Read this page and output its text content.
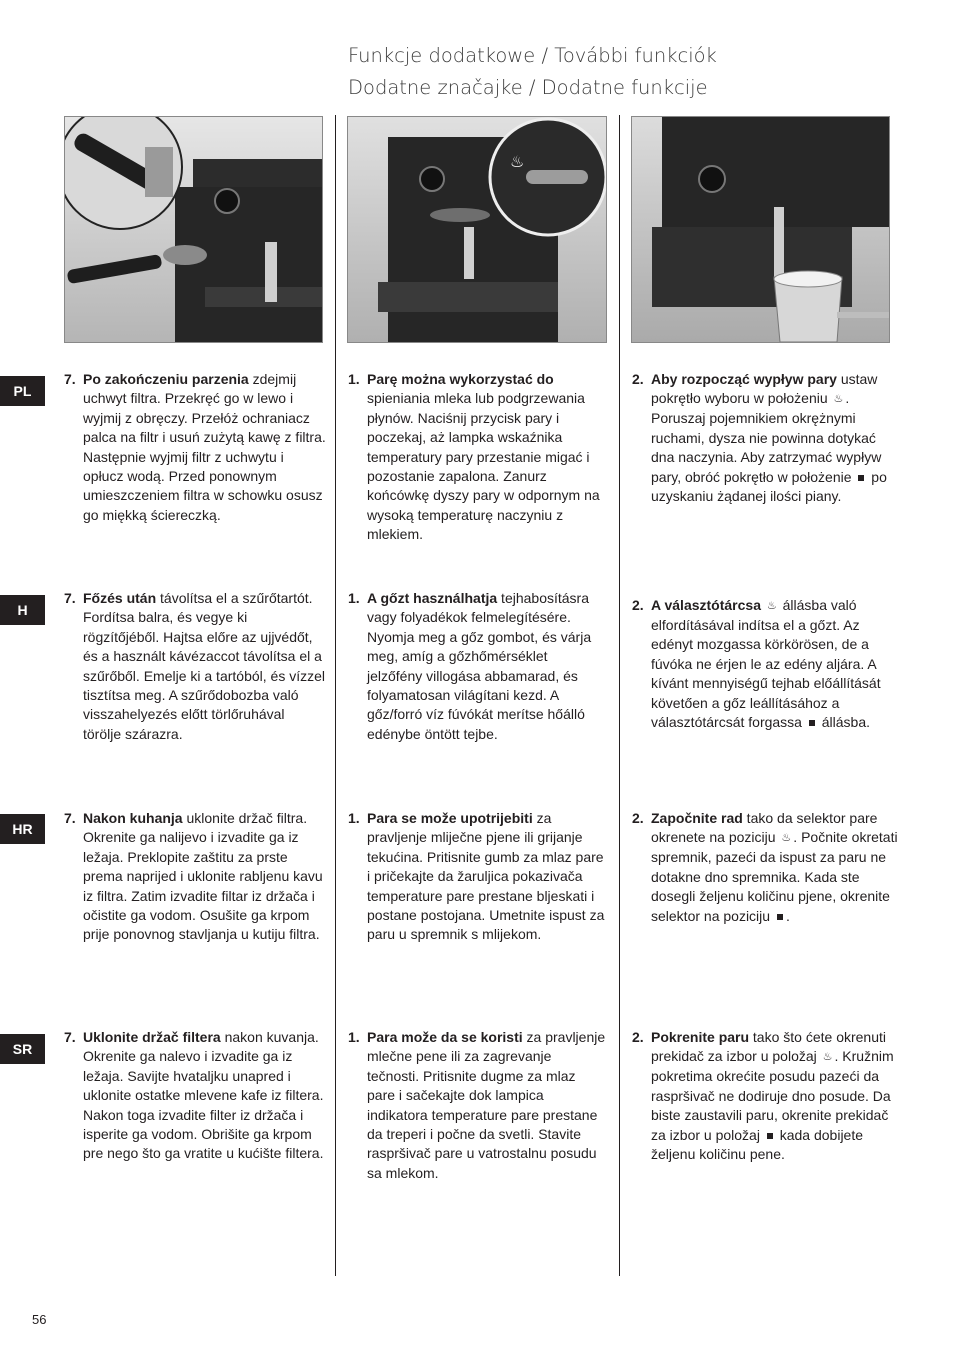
Funkcje dodatkowe / További funkciók
Dodatne značajke / Dodatne funkcije
♨
PL
H
HR
SR
7. Po zakończeniu parzenia zdejmij uchwyt filtra. Przekręć go w lewo i wyjmij z obręczy. Przełóż ochraniacz palca na filtr i usuń zużytą kawę z filtra. Następnie wyjmij filtr z uchwytu i opłucz wodą. Przed ponownym umieszczeniem filtra w schowku osusz go miękką ściereczką.
1. Parę można wykorzystać do spieniania mleka lub podgrzewania płynów. Naciśnij przycisk pary i poczekaj, aż lampka wskaźnika temperatury pary przestanie migać i pozostanie zapalona. Zanurz końcówkę dyszy pary w odpornym na wysoką temperaturę naczyniu z mlekiem.
2. Aby rozpocząć wypływ pary ustaw pokrętło wyboru w położeniu ♨ . Poruszaj pojemnikiem okrężnymi ruchami, dysza nie powinna dotykać dna naczynia. Aby zatrzymać wypływ pary, obróć pokrętło w położenie  po uzyskaniu żądanej ilości piany.
7. Főzés után távolítsa el a szűrőtartót. Fordítsa balra, és vegye ki rögzítőjéből. Hajtsa előre az ujjvédőt, és a használt kávézaccot távolítsa el a szűrőből. Emelje ki a tartóból, és vízzel tisztítsa meg. A szűrődobozba való visszahelyezés előtt törlőruhával törölje szárazra.
1. A gőzt használhatja tejhabosításra vagy folyadékok felmelegítésére. Nyomja meg a gőz gombot, és várja meg, amíg a gőzhőmérséklet jelzőfény villogása abbamarad, és folyamatosan világítani kezd. A gőz/forró víz fúvókát merítse hőálló edénybe öntött tejbe.
2. A választótárcsa ♨ állásba való elfordításával indítsa el a gőzt. Az edényt mozgassa körkörösen, de a fúvóka ne érjen le az edény aljára. A kívánt mennyiségű tejhab előállítását követően a gőz leállításához a választótárcsát forgassa  állásba.
7. Nakon kuhanja uklonite držač filtra. Okrenite ga nalijevo i izvadite ga iz ležaja. Preklopite zaštitu za prste prema naprijed i uklonite rabljenu kavu iz filtra. Zatim izvadite filtar iz držača i očistite ga vodom. Osušite ga krpom prije ponovnog stavljanja u kutiju filtra.
1. Para se može upotrijebiti za pravljenje mliječne pjene ili grijanje tekućina. Pritisnite gumb za mlaz pare i pričekajte da žaruljica pokazivača temperature pare prestane bljeskati i postane postojana. Umetnite ispust za paru u spremnik s mlijekom.
2. Započnite rad tako da selektor pare okrenete na poziciju ♨ . Počnite okretati spremnik, pazeći da ispust za paru ne dotakne dno spremnika. Kada ste dosegli željenu količinu pjene, okrenite selektor na poziciju .
7. Uklonite držač filtera nakon kuvanja. Okrenite ga nalevo i izvadite ga iz ležaja. Savijte hvataljku unapred i uklonite ostatke mlevene kafe iz filtera. Nakon toga izvadite filter iz držača i isperite ga vodom. Obrišite ga krpom pre nego što ga vratite u kućište filtera.
1. Para može da se koristi za pravljenje mlečne pene ili za zagrevanje tečnosti. Pritisnite dugme za mlaz pare i sačekajte dok lampica indikatora temperature pare prestane da treperi i počne da svetli. Stavite raspršivač pare u vatrostalnu posudu sa mlekom.
2. Pokrenite paru tako što ćete okrenuti prekidač za izbor u položaj ♨ . Kružnim pokretima okrećite posudu pazeći da raspršivač ne dodiruje dno posude. Da biste zaustavili paru, okrenite prekidač za izbor u položaj  kada dobijete željenu količinu pene.
56
